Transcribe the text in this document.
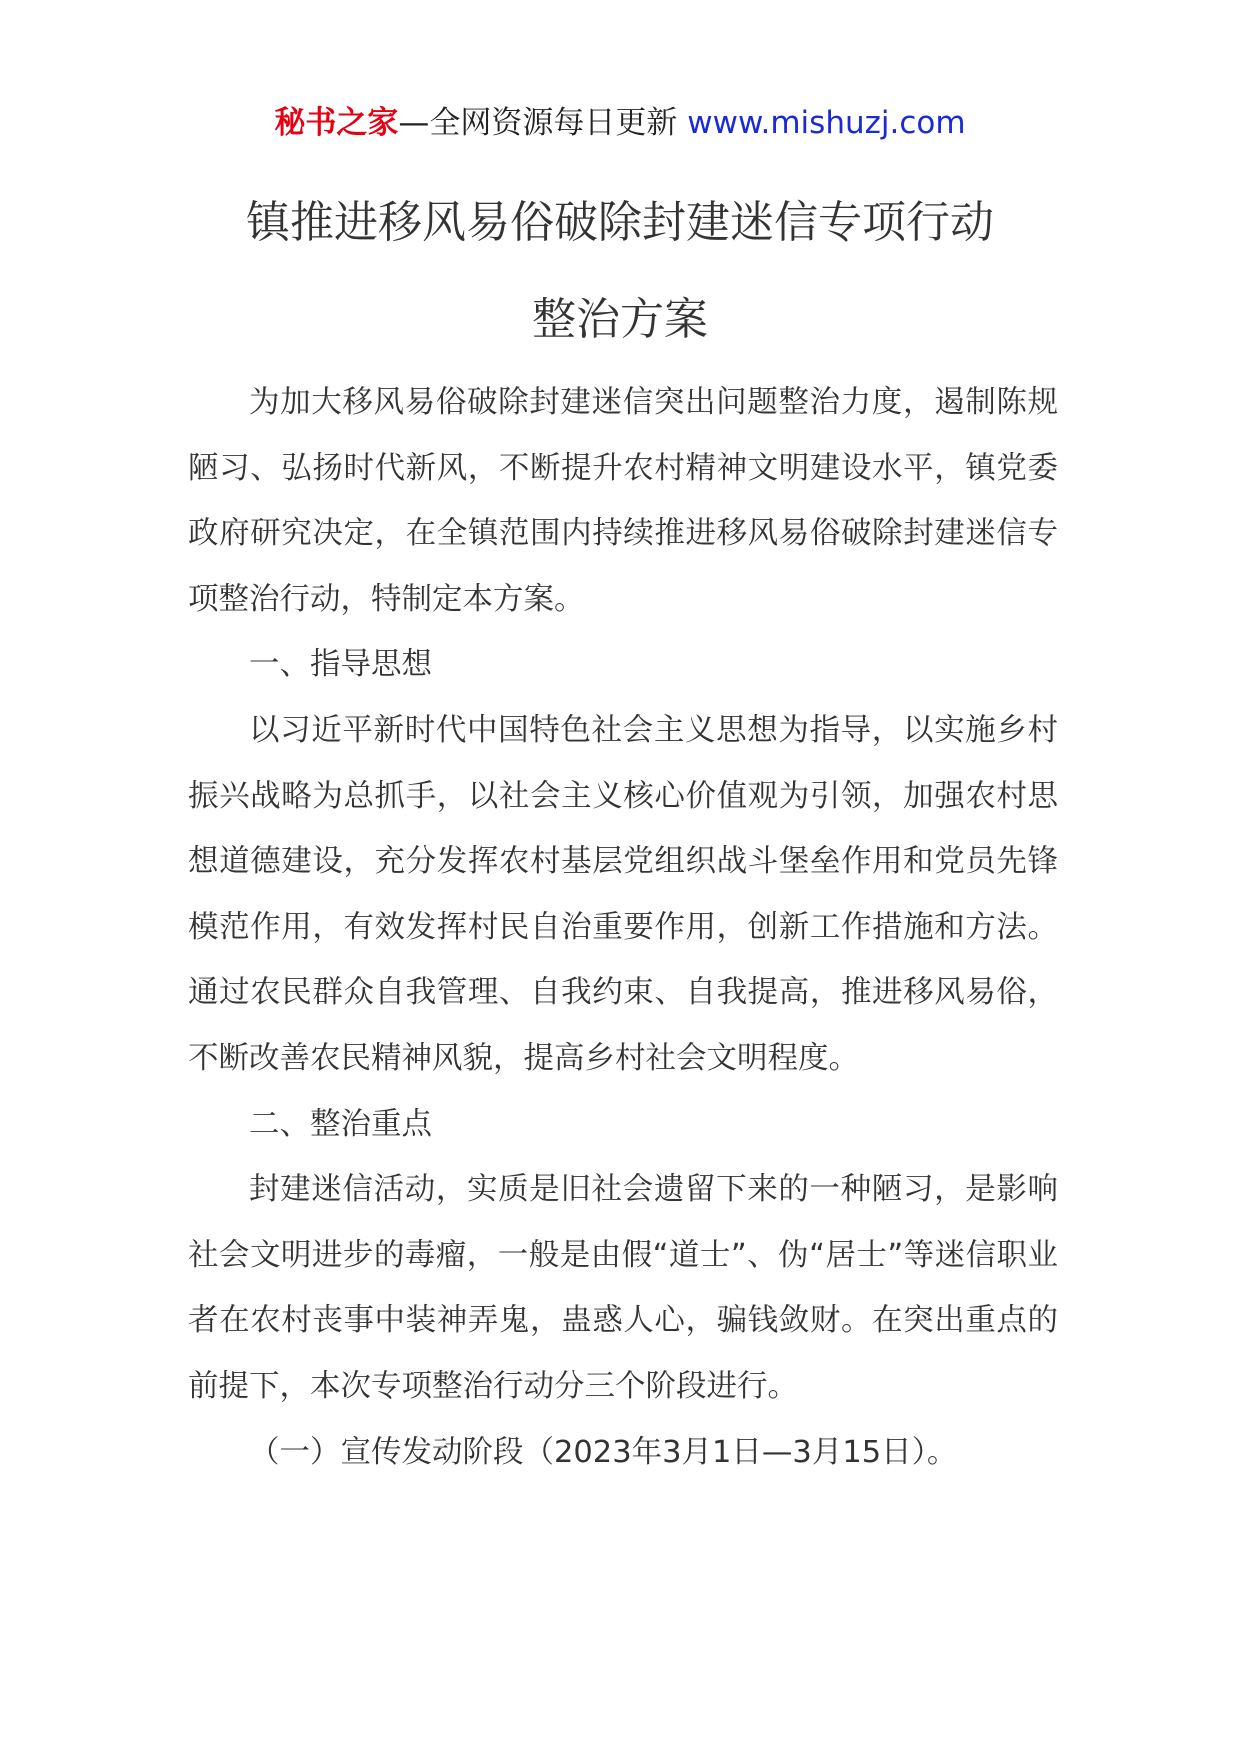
秘书之家—全网资源每日更新 www.mishuzj.com
镇推进移风易俗破除封建迷信专项行动
整治方案

为加大移风易俗破除封建迷信突出问题整治力度，遏制陈规陋习、弘扬时代新风，不断提升农村精神文明建设水平，镇党委政府研究决定，在全镇范围内持续推进移风易俗破除封建迷信专项整治行动，特制定本方案。

一、指导思想

以习近平新时代中国特色社会主义思想为指导，以实施乡村振兴战略为总抓手，以社会主义核心价值观为引领，加强农村思想道德建设，充分发挥农村基层党组织战斗堡垒作用和党员先锋模范作用，有效发挥村民自治重要作用，创新工作措施和方法。通过农民群众自我管理、自我约束、自我提高，推进移风易俗，不断改善农民精神风貌，提高乡村社会文明程度。

二、整治重点

封建迷信活动，实质是旧社会遗留下来的一种陋习，是影响社会文明进步的毒瘤，一般是由假“道士”、伪“居士”等迷信职业者在农村丧事中装神弄鬼，蛊惑人心，骗钱敛财。在突出重点的前提下，本次专项整治行动分三个阶段进行。

（一）宣传发动阶段（2023年3月1日—3月15日）。
